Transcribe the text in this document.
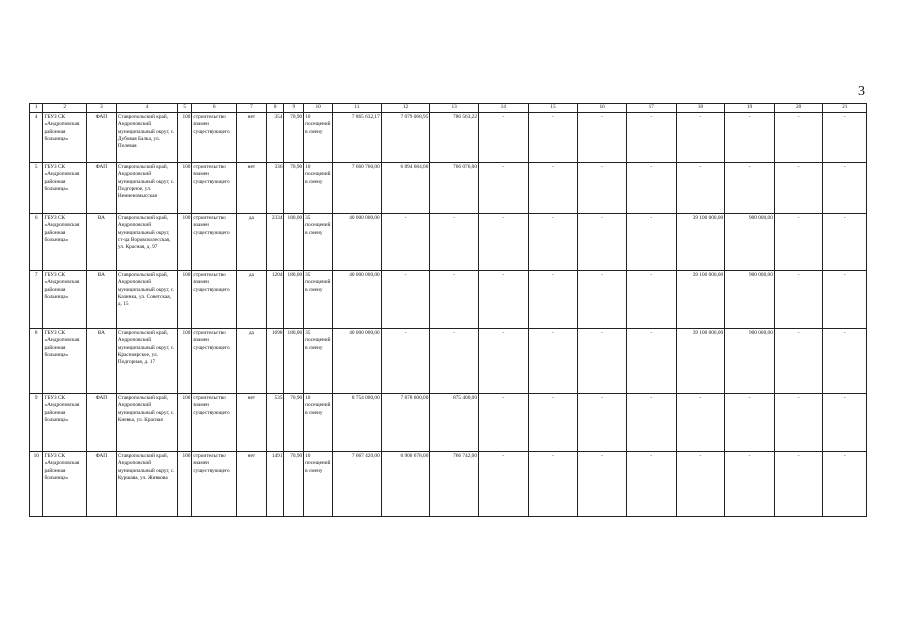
3
1	2	3	4	5	6	7	8	9	10	11	12	13	14	15	16	17	18	19	20	21
4	ГБУЗ СК «Андроповская районная больница»	ФАП	Ставропольский край, Андроповский муниципальный округ, с. Дубовая Балка, ул. Полевая	100	строительство взамен существующего	нет	354	70,90	10 посещений в смену	7 865 632,17	7 079 068,95	786 563,22	-	-	-	-	-	-	-	-
5	ГБУЗ СК «Андроповская районная больница»	ФАП	Ставропольский край, Андроповский муниципальный округ, с. Подгорное, ул. Немиеномысская	100	строительство взамен существующего	нет	336	70,90	10 посещений в смену	7 660 760,00	6 894 684,00	766 076,00	-	-	-	-	-	-	-	-
6	ГБУЗ СК «Андроповская районная больница»	ВА	Ставропольский край, Андроповский муниципальный округ, ст-ца Воровсколесская, ул. Красная, д. 97	100	строительство взамен существующего	да	2334	180,00	35 посещений в смену	40 000 000,00	-	-	-	-	-	-	39 100 000,00	900 000,00	-	-
7	ГБУЗ СК «Андроповская районная больница»	ВА	Ставропольский край, Андроповский муниципальный округ, с. Казинка, ул. Советская, д. 15	100	строительство взамен существующего	да	1204	180,00	35 посещений в смену	40 000 000,00	-	-	-	-	-	-	39 100 000,00	900 000,00	-	-
8	ГБУЗ СК «Андроповская районная больница»	ВА	Ставропольский край, Андроповский муниципальный округ, с. Красноярское, ул. Подгорная, д. 17	100	строительство взамен существующего	да	1698	180,00	35 посещений в смену	40 000 000,00	-	-	-	-	-	-	39 100 000,00	900 000,00	-	-
9	ГБУЗ СК «Андроповская районная больница»	ФАП	Ставропольский край, Андроповский муниципальный округ, с. Киевка, ул. Красная	100	строительство взамен существующего	нет	535	70,90	10 посещений в смену	8 754 000,00	7 878 600,00	875 400,00	-	-	-	-	-	-	-	-
10	ГБУЗ СК «Андроповская районная больница»	ФАП	Ставропольский край, Андроповский муниципальный округ, с. Куршава, ул. Живкова	100	строительство взамен существующего	нет	1491	70,90	10 посещений в смену	7 667 420,00	6 900 678,00	766 742,00	-	-	-	-	-	-	-	-
